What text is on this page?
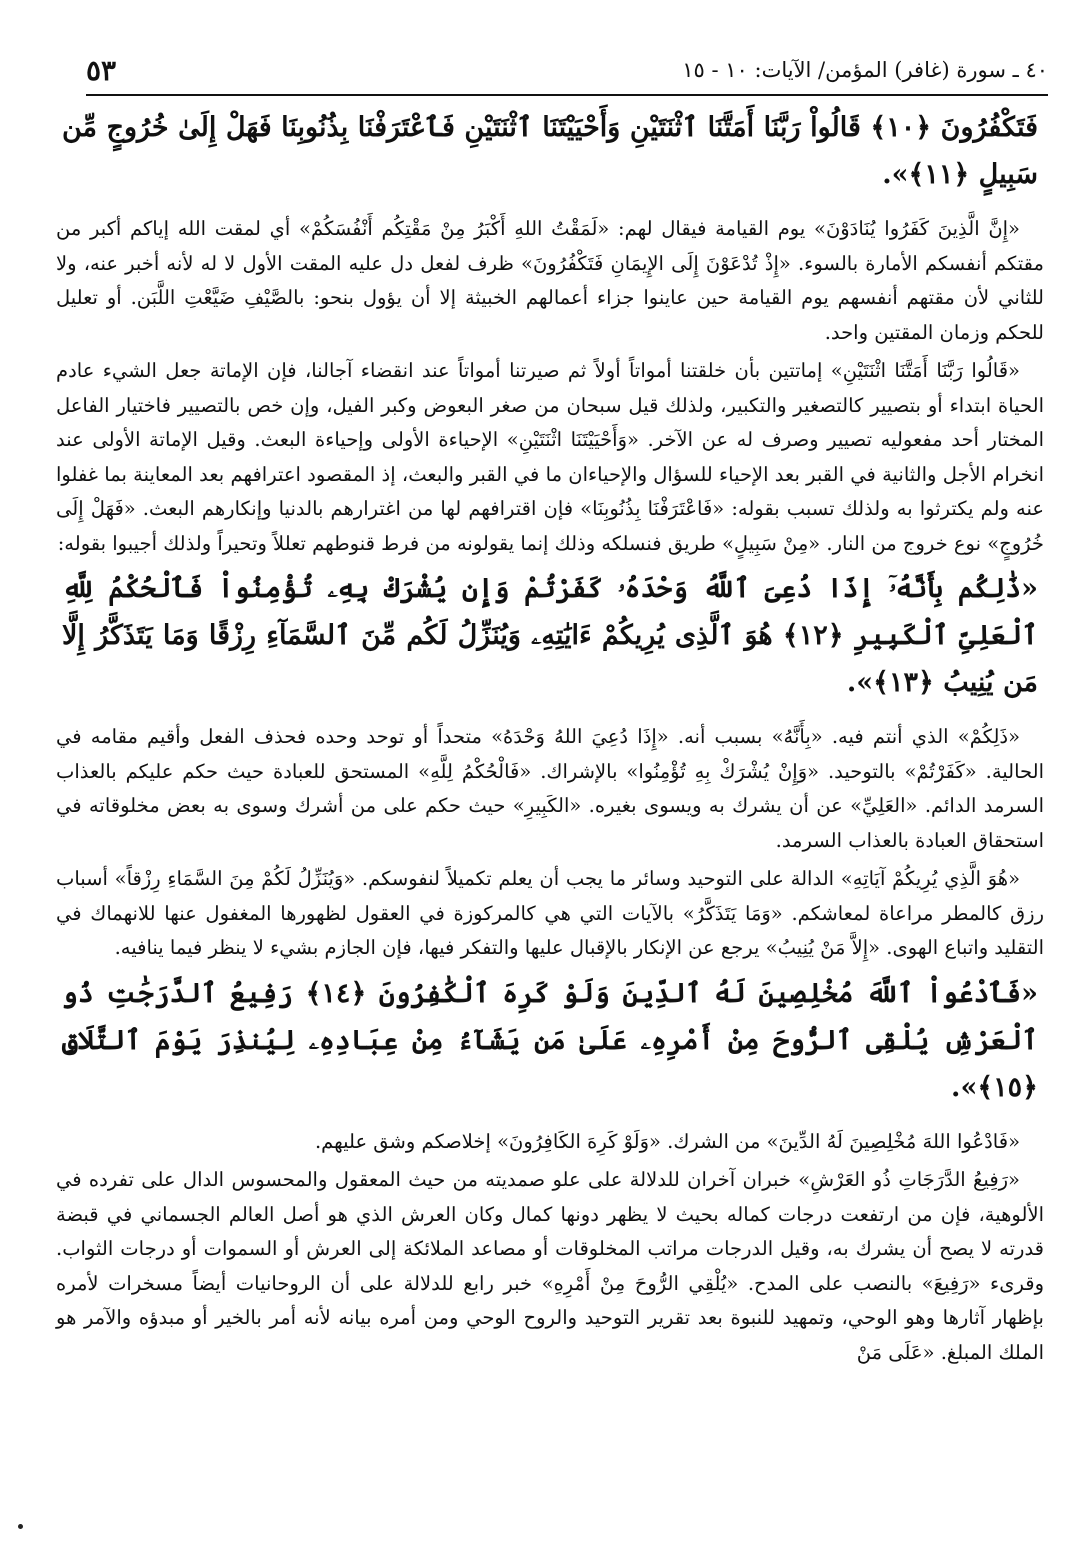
٥٣	٤٠ ـ سورة (غافر) المؤمن/ الآيات: ١٠ - ١٥
فَتَكْفُرُونَ ﴿١٠﴾ قَالُواْ رَبَّنَا أَمَتَّنَا ٱثْنَتَيْنِ وَأَحْيَيْتَنَا ٱثْنَتَيْنِ فَٱعْتَرَفْنَا بِذُنُوبِنَا فَهَلْ إِلَىٰ خُرُوجٍ مِّن سَبِيلٍ ﴿١١﴾».
«إِنَّ الَّذِينَ كَفَرُوا يُنَادَوْنَ» يوم القيامة فيقال لهم: «لَمَقْتُ اللهِ أَكْبَرُ مِنْ مَقْتِكُم أَنْفُسَكُمْ» أي لمقت الله إياكم أكبر من مقتكم أنفسكم الأمارة بالسوء. «إِذْ تُدْعَوْنَ إِلَى الإِيمَانِ فَتَكْفُرُونَ» ظرف لفعل دل عليه المقت الأول لا له لأنه أخبر عنه، ولا للثاني لأن مقتهم أنفسهم يوم القيامة حين عاينوا جزاء أعمالهم الخبيثة إلا أن يؤول بنحو: بالصَّيْفِ ضَيَّعْتِ اللَّبَن. أو تعليل للحكم وزمان المقتين واحد.
«قَالُوا رَبَّنَا أَمَتَّنَا اثْنَتَيْنِ» إماتتين بأن خلقتنا أمواتاً أولاً ثم صيرتنا أمواتاً عند انقضاء آجالنا، فإن الإماتة جعل الشيء عادم الحياة ابتداء أو بتصيير كالتصغير والتكبير، ولذلك قيل سبحان من صغر البعوض وكبر الفيل، وإن خص بالتصيير فاختيار الفاعل المختار أحد مفعوليه تصيير وصرف له عن الآخر. «وَأَحْيَيْتَنَا اثْنَتَيْنِ» الإحياءة الأولى وإحياءة البعث. وقيل الإماتة الأولى عند انخرام الأجل والثانية في القبر بعد الإحياء للسؤال والإحياءان ما في القبر والبعث، إذ المقصود اعترافهم بعد المعاينة بما غفلوا عنه ولم يكترثوا به ولذلك تسبب بقوله: «فَاعْتَرَفْنَا بِذُنُوبِنَا» فإن اقترافهم لها من اغترارهم بالدنيا وإنكارهم البعث. «فَهَلْ إِلَى خُرُوجٍ» نوع خروج من النار. «مِنْ سَبِيلٍ» طريق فنسلكه وذلك إنما يقولونه من فرط قنوطهم تعللاً وتحيراً ولذلك أجيبوا بقوله:
«ذَٰلِكُم بِأَنَّهُۥٓ إِذَا دُعِىَ ٱللَّهُ وَحْدَهُۥ كَفَرْتُمْ وَإِن يُشْرَكْ بِهِۦ تُؤْمِنُواْ فَٱلْحُكْمُ لِلَّهِ ٱلْعَلِىِّ ٱلْكَبِيرِ ﴿١٢﴾ هُوَ ٱلَّذِى يُرِيكُمْ ءَايَٰتِهِۦ وَيُنَزِّلُ لَكُم مِّنَ ٱلسَّمَآءِ رِزْقًا وَمَا يَتَذَكَّرُ إِلَّا مَن يُنِيبُ ﴿١٣﴾».
«ذَلِكُمْ» الذي أنتم فيه. «بِأَنَّهُ» بسبب أنه. «إِذَا دُعِيَ اللهُ وَحْدَهُ» متحداً أو توحد وحده فحذف الفعل وأقيم مقامه في الحالية. «كَفَرْتُمْ» بالتوحيد. «وَإِنْ يُشْرَكْ بِهِ تُؤْمِنُوا» بالإشراك. «فَالْحُكْمُ لِلَّهِ» المستحق للعبادة حيث حكم عليكم بالعذاب السرمد الدائم. «العَلِيِّ» عن أن يشرك به ويسوى بغيره. «الكَبِيرِ» حيث حكم على من أشرك وسوى به بعض مخلوقاته في استحقاق العبادة بالعذاب السرمد.
«هُوَ الَّذِي يُرِيكُمْ آيَاتِهِ» الدالة على التوحيد وسائر ما يجب أن يعلم تكميلاً لنفوسكم. «وَيُنَزِّلُ لَكُمْ مِنَ السَّمَاءِ رِزْقاً» أسباب رزق كالمطر مراعاة لمعاشكم. «وَمَا يَتَذَكَّرُ» بالآيات التي هي كالمركوزة في العقول لظهورها المغفول عنها للانهماك في التقليد واتباع الهوى. «إِلاَّ مَنْ يُنِيبُ» يرجع عن الإنكار بالإقبال عليها والتفكر فيها، فإن الجازم بشيء لا ينظر فيما ينافيه.
«فَٱدْعُواْ ٱللَّهَ مُخْلِصِينَ لَهُ ٱلدِّينَ وَلَوْ كَرِهَ ٱلْكَٰفِرُونَ ﴿١٤﴾ رَفِيعُ ٱلدَّرَجَٰتِ ذُو ٱلْعَرْشِ يُلْقِى ٱلرُّوحَ مِنْ أَمْرِهِۦ عَلَىٰ مَن يَشَآءُ مِنْ عِبَادِهِۦ لِيُنذِرَ يَوْمَ ٱلتَّلَاقِ ﴿١٥﴾».
«فَادْعُوا اللهَ مُخْلِصِينَ لَهُ الدِّينَ» من الشرك. «وَلَوْ كَرِهَ الكَافِرُونَ» إخلاصكم وشق عليهم.
«رَفِيعُ الدَّرَجَاتِ ذُو العَرْشِ» خبران آخران للدلالة على علو صمديته من حيث المعقول والمحسوس الدال على تفرده في الألوهية، فإن من ارتفعت درجات كماله بحيث لا يظهر دونها كمال وكان العرش الذي هو أصل العالم الجسماني في قبضة قدرته لا يصح أن يشرك به، وقيل الدرجات مراتب المخلوقات أو مصاعد الملائكة إلى العرش أو السموات أو درجات الثواب. وقرىء «رَفِيعَ» بالنصب على المدح. «يُلْقِي الرُّوحَ مِنْ أَمْرِهِ» خبر رابع للدلالة على أن الروحانيات أيضاً مسخرات لأمره بإظهار آثارها وهو الوحي، وتمهيد للنبوة بعد تقرير التوحيد والروح الوحي ومن أمره بيانه لأنه أمر بالخير أو مبدؤه والآمر هو الملك المبلغ. «عَلَى مَنْ
